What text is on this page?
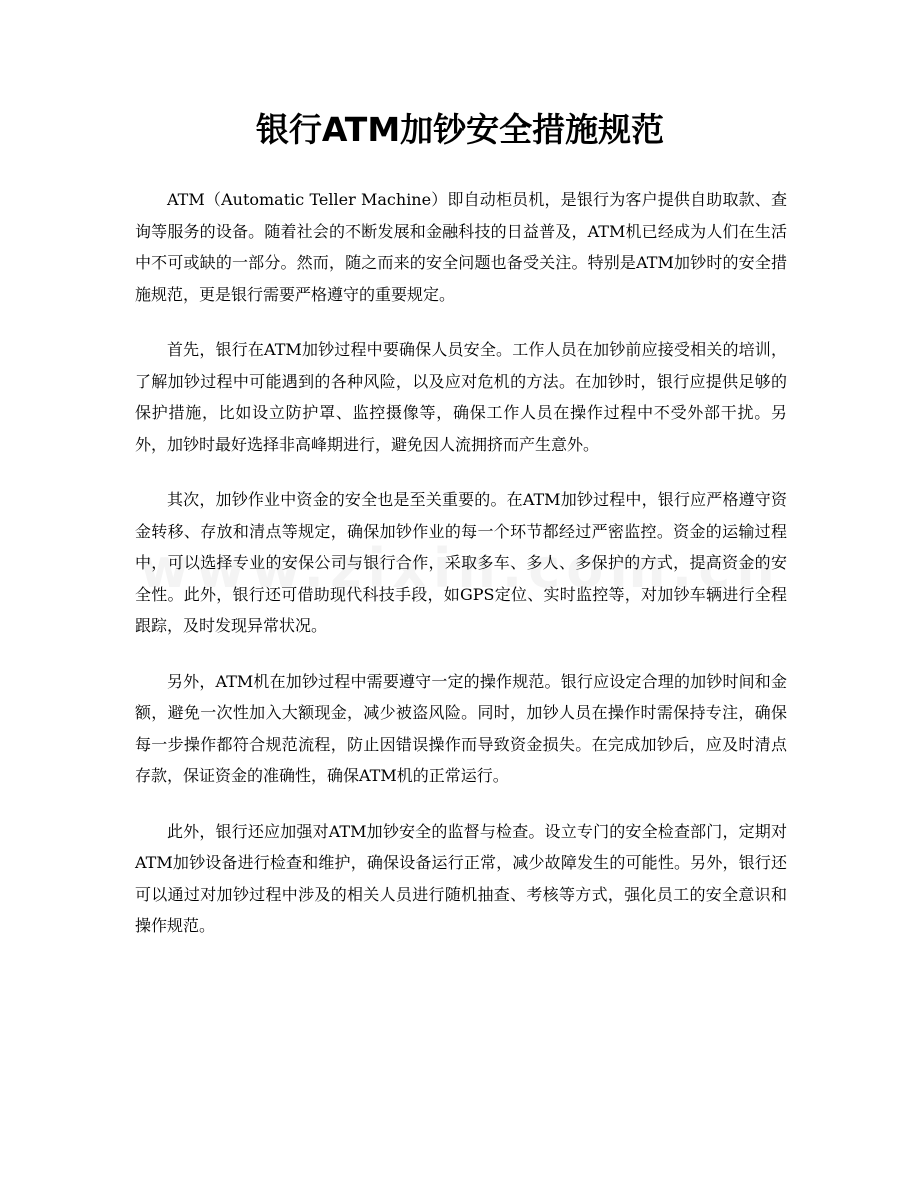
银行ATM加钞安全措施规范

ATM（Automatic Teller Machine）即自动柜员机，是银行为客户提供自助取款、查询等服务的设备。随着社会的不断发展和金融科技的日益普及，ATM机已经成为人们在生活中不可或缺的一部分。然而，随之而来的安全问题也备受关注。特别是ATM加钞时的安全措施规范，更是银行需要严格遵守的重要规定。

首先，银行在ATM加钞过程中要确保人员安全。工作人员在加钞前应接受相关的培训，了解加钞过程中可能遇到的各种风险，以及应对危机的方法。在加钞时，银行应提供足够的保护措施，比如设立防护罩、监控摄像等，确保工作人员在操作过程中不受外部干扰。另外，加钞时最好选择非高峰期进行，避免因人流拥挤而产生意外。

其次，加钞作业中资金的安全也是至关重要的。在ATM加钞过程中，银行应严格遵守资金转移、存放和清点等规定，确保加钞作业的每一个环节都经过严密监控。资金的运输过程中，可以选择专业的安保公司与银行合作，采取多车、多人、多保护的方式，提高资金的安全性。此外，银行还可借助现代科技手段，如GPS定位、实时监控等，对加钞车辆进行全程跟踪，及时发现异常状况。

另外，ATM机在加钞过程中需要遵守一定的操作规范。银行应设定合理的加钞时间和金额，避免一次性加入大额现金，减少被盗风险。同时，加钞人员在操作时需保持专注，确保每一步操作都符合规范流程，防止因错误操作而导致资金损失。在完成加钞后，应及时清点存款，保证资金的准确性，确保ATM机的正常运行。

此外，银行还应加强对ATM加钞安全的监督与检查。设立专门的安全检查部门，定期对ATM加钞设备进行检查和维护，确保设备运行正常，减少故障发生的可能性。另外，银行还可以通过对加钞过程中涉及的相关人员进行随机抽查、考核等方式，强化员工的安全意识和操作规范。
